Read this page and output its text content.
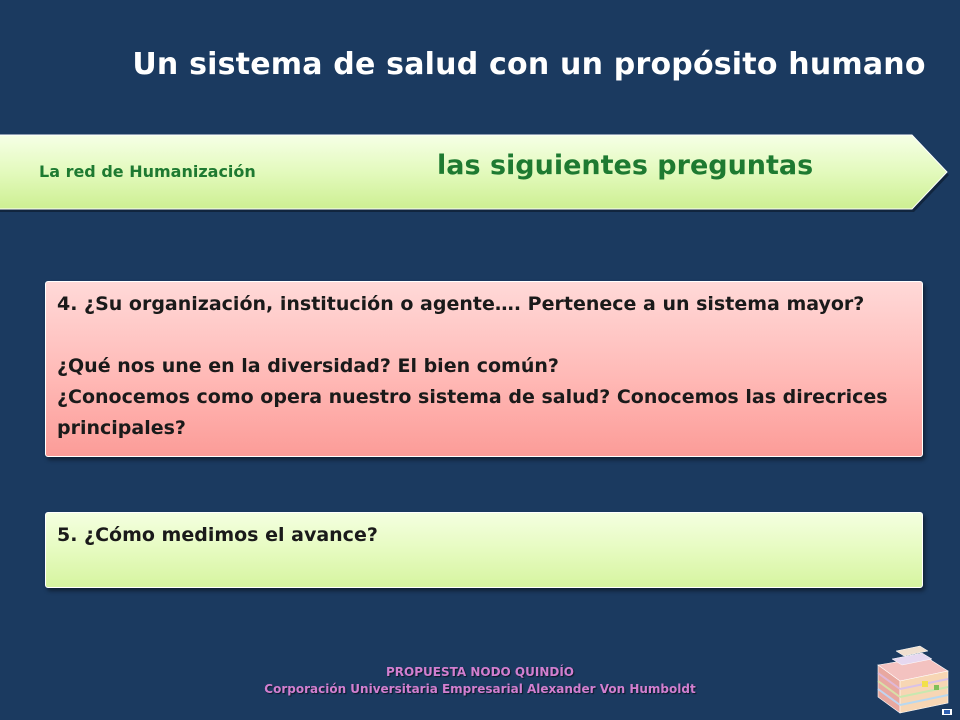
Un sistema de salud con un propósito humano
La red de Humanización	las siguientes preguntas

4. ¿Su organización, institución o agente…. Pertenece a un sistema mayor?

¿Qué nos une en la diversidad? El bien común?

¿Conocemos como opera nuestro sistema de salud? Conocemos las direcrices principales?

5. ¿Cómo medimos el avance?

PROPUESTA NODO QUINDÍO
Corporación Universitaria Empresarial Alexander Von Humboldt
